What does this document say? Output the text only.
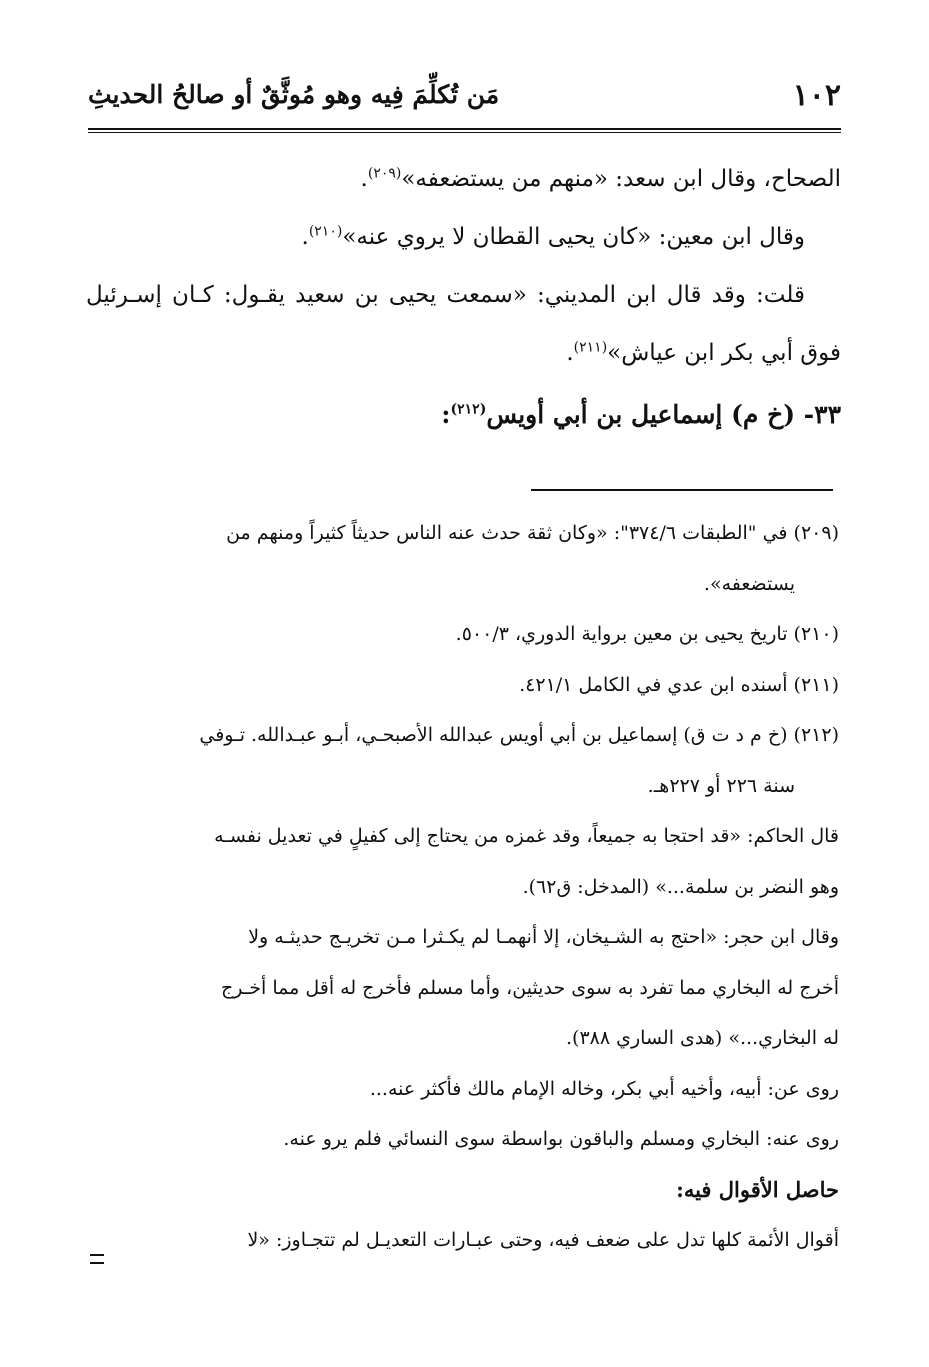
١٠٢
مَن تُكلِّمَ فِيه وهو مُوثَّقٌ أو صالحُ الحديثِ

الصحاح، وقال ابن سعد: «منهم من يستضعفه»$^{(٢٠٩)}$.

وقال ابن معين: «كان يحيى القطان لا يروي عنه»$^{(٢١٠)}$.

قلت: وقد قال ابن المديني: «سمعت يحيى بن سعيد يقـول: كـان إسـرئيل فوق أبي بكر ابن عياش»$^{(٢١١)}$.

٣٣- (خ م) إسماعيل بن أبي أويس$^{(٢١٢)}$:

(٢٠٩) في "الطبقات ٣٧٤/٦": «وكان ثقة حدث عنه الناس حديثاً كثيراً ومنهم من

يستضعفه».

(٢١٠) تاريخ يحيى بن معين برواية الدوري، ٥٠٠/٣.

(٢١١) أسنده ابن عدي في الكامل ٤٢١/١.

(٢١٢) (خ م د ت ق) إسماعيل بن أبي أويس عبدالله الأصبحـي، أبـو عبـدالله. تـوفي

سنة ٢٢٦ أو ٢٢٧هـ.

قال الحاكم: «قد احتجا به جميعاً، وقد غمزه من يحتاج إلى كفيلٍ في تعديل نفسـه

وهو النضر بن سلمة...» (المدخل: ق٦٢).

وقال ابن حجر: «احتج به الشـيخان، إلا أنهمـا لم يكـثرا مـن تخريـج حديثـه ولا

أخرج له البخاري مما تفرد به سوى حديثين، وأما مسلم فأخرج له أقل مما أخـرج

له البخاري...» (هدى الساري ٣٨٨).

روى عن: أبيه، وأخيه أبي بكر، وخاله الإمام مالك فأكثر عنه...

روى عنه: البخاري ومسلم والباقون بواسطة سوى النسائي فلم يرو عنه.

حاصل الأقوال فيه:

أقوال الأئمة كلها تدل على ضعف فيه، وحتى عبـارات التعديـل لم تتجـاوز: «لا
